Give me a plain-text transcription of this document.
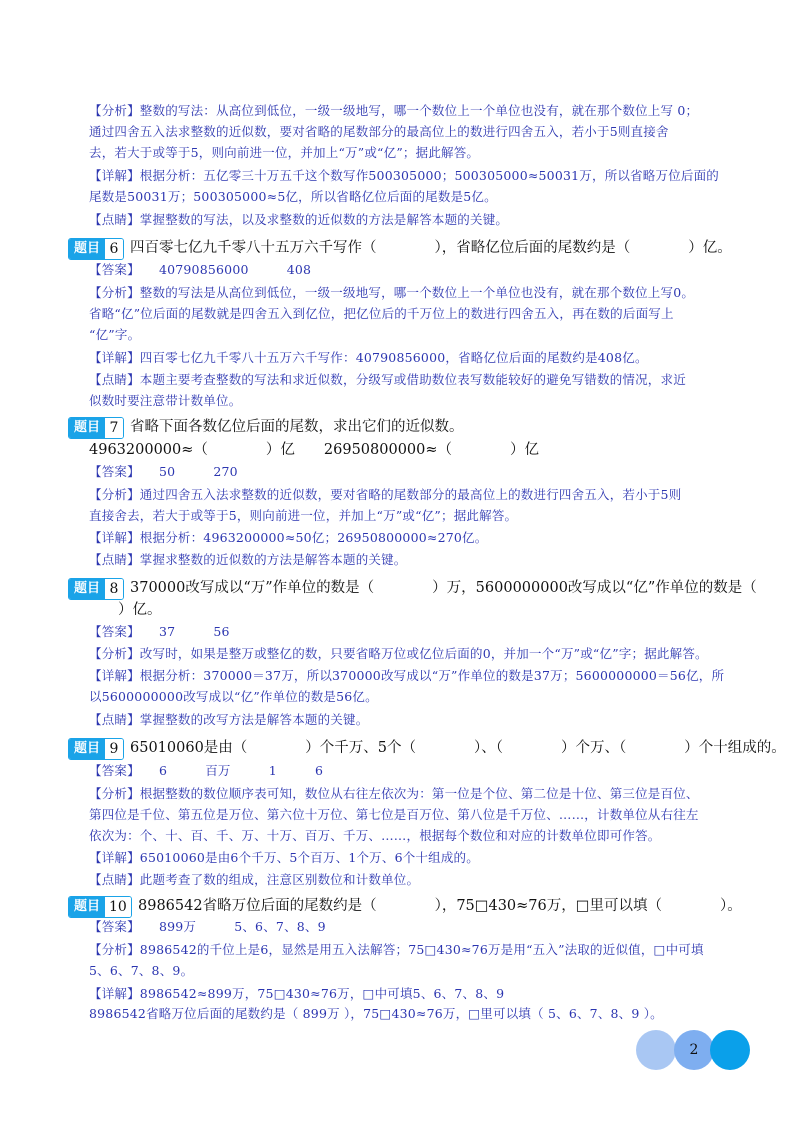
【分析】整数的写法：从高位到低位，一级一级地写，哪一个数位上一个单位也没有，就在那个数位上写 0；
通过四舍五入法求整数的近似数，要对省略的尾数部分的最高位上的数进行四舍五入，若小于5则直接舍
去，若大于或等于5，则向前进一位，并加上“万”或“亿”；据此解答。
【详解】根据分析：五亿零三十万五千这个数写作500305000；500305000≈50031万，所以省略万位后面的
尾数是50031万；500305000≈5亿，所以省略亿位后面的尾数是5亿。
【点睛】掌握整数的写法，以及求整数的近似数的方法是解答本题的关键。
题目 6 四百零七亿九千零八十五万六千写作（　　　　），省略亿位后面的尾数约是（　　　　）亿。
【答案】　　40790856000　　　408
【分析】整数的写法是从高位到低位，一级一级地写，哪一个数位上一个单位也没有，就在那个数位上写0。
省略“亿”位后面的尾数就是四舍五入到亿位，把亿位后的千万位上的数进行四舍五入，再在数的后面写上
“亿”字。
【详解】四百零七亿九千零八十五万六千写作：40790856000，省略亿位后面的尾数约是408亿。
【点睛】本题主要考查整数的写法和求近似数，分级写或借助数位表写数能较好的避免写错数的情况，求近
似数时要注意带计数单位。
题目 7 省略下面各数亿位后面的尾数，求出它们的近似数。
4963200000≈（　　　　）亿　　26950800000≈（　　　　）亿
【答案】　　50　　　270
【分析】通过四舍五入法求整数的近似数，要对省略的尾数部分的最高位上的数进行四舍五入，若小于5则
直接舍去，若大于或等于5，则向前进一位，并加上“万”或“亿”；据此解答。
【详解】根据分析：4963200000≈50亿；26950800000≈270亿。
【点睛】掌握求整数的近似数的方法是解答本题的关键。
题目 8 370000改写成以“万”作单位的数是（　　　　）万，5600000000改写成以“亿”作单位的数是（
　　）亿。
【答案】　　37　　　56
【分析】改写时，如果是整万或整亿的数，只要省略万位或亿位后面的0，并加一个“万”或“亿”字；据此解答。
【详解】根据分析：370000＝37万，所以370000改写成以“万”作单位的数是37万；5600000000＝56亿，所
以5600000000改写成以“亿”作单位的数是56亿。
【点睛】掌握整数的改写方法是解答本题的关键。
题目 9 65010060是由（　　　　）个千万、5个（　　　　）、（　　　　）个万、（　　　　）个十组成的。
【答案】　　6　　　百万　　　1　　　6
【分析】根据整数的数位顺序表可知，数位从右往左依次为：第一位是个位、第二位是十位、第三位是百位、
第四位是千位、第五位是万位、第六位十万位、第七位是百万位、第八位是千万位、……，计数单位从右往左
依次为：个、十、百、千、万、十万、百万、千万、……，根据每个数位和对应的计数单位即可作答。
【详解】65010060是由6个千万、5个百万、1个万、6个十组成的。
【点睛】此题考查了数的组成，注意区别数位和计数单位。
题目 10 8986542省略万位后面的尾数约是（　　　　），75□430≈76万，□里可以填（　　　　）。
【答案】　　899万　　　5、6、7、8、9
【分析】8986542的千位上是6，显然是用五入法解答；75□430≈76万是用“五入”法取的近似值，□中可填
5、6、7、8、9。
【详解】8986542≈899万，75□430≈76万，□中可填5、6、7、8、9
8986542省略万位后面的尾数约是（ 899万 ），75□430≈76万，□里可以填（ 5、6、7、8、9 ）。
2
